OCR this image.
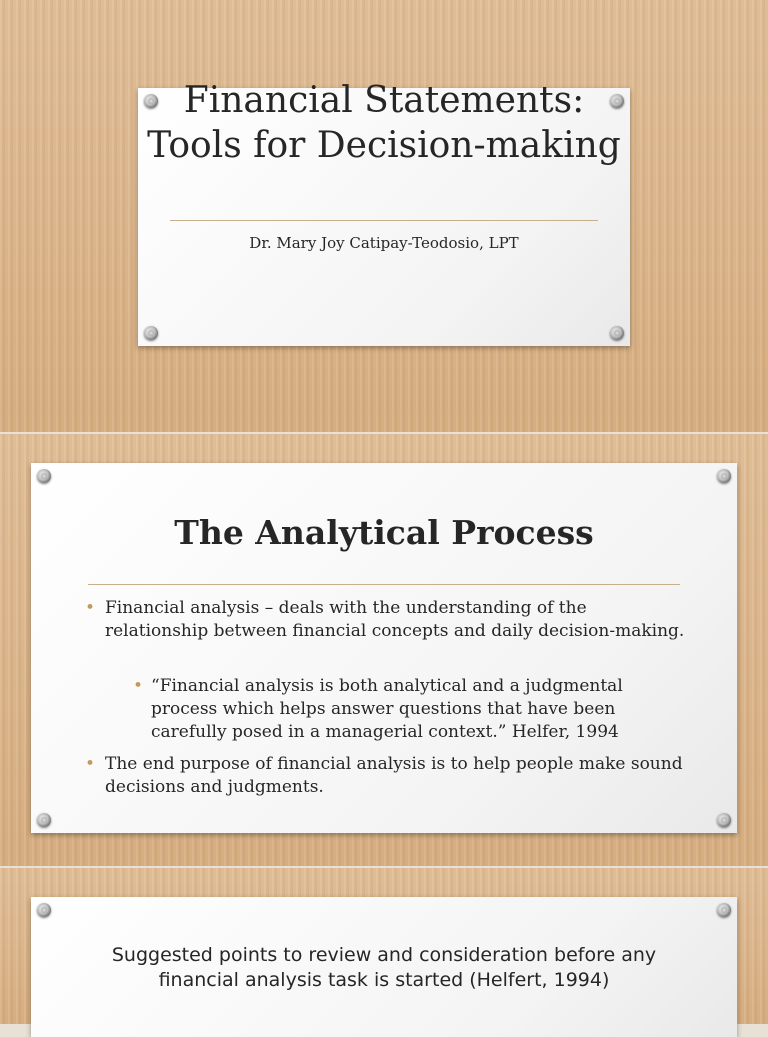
Financial Statements: Tools for Decision-making
Dr. Mary Joy Catipay-Teodosio, LPT
The Analytical Process
• Financial analysis – deals with the understanding of the relationship between financial concepts and daily decision-making.
• “Financial analysis is both analytical and a judgmental process which helps answer questions that have been carefully posed in a managerial context.” Helfer, 1994
• The end purpose of financial analysis is to help people make sound decisions and judgments.
Suggested points to review and consideration before any financial analysis task is started (Helfert, 1994)
